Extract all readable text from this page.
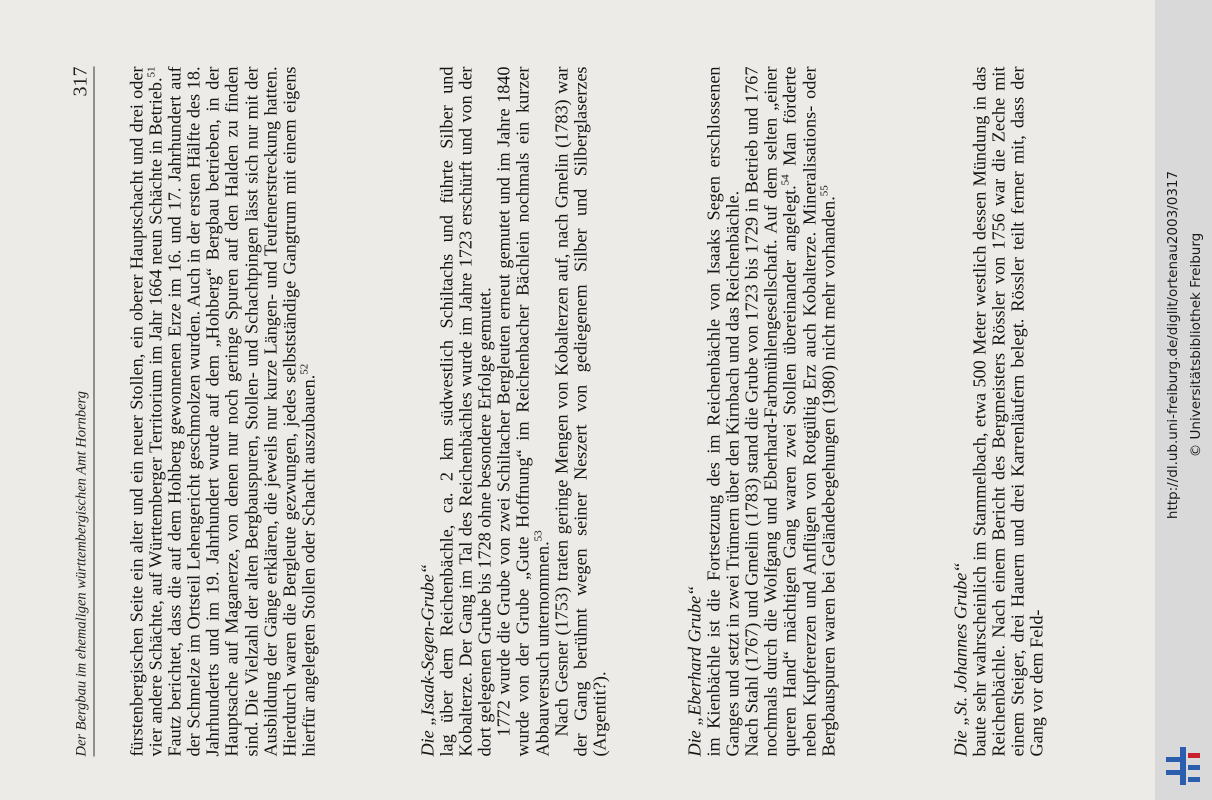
Der Bergbau im ehemaligen württembergischen Amt Hornberg
317 fürstenbergischen Seite ein alter und ein neuer Stollen, ein oberer Hauptschacht und drei oder vier andere Schächte, auf Württemberger Territorium im Jahr 1664 neun Schächte in Betrieb.$^{51}$ Fautz berichtet, dass die auf dem Hohberg gewonnenen Erze im 16. und 17. Jahrhundert auf der Schmelze im Ortsteil Lehengericht geschmolzen wurden. Auch in der ersten Hälfte des 18. Jahrhunderts und im 19. Jahrhundert wurde auf dem „Hohberg“ Bergbau betrieben, in der Hauptsache auf Maganerze, von denen nur noch geringe Spuren auf den Halden zu finden sind. Die Vielzahl der alten Bergbauspuren, Stollen- und Schachtpingen lässt sich nur mit der Ausbildung der Gänge erklären, die jeweils nur kurze Längen- und Teufenerstreckung hatten. Hierdurch waren die Bergleute gezwungen, jedes selbstständige Gangtrum mit einem eigens hierfür angelegten Stollen oder Schacht auszubauen.$^{52}$

Die „Isaak-Segen-Grube“ lag über dem Reichenbächle, ca. 2 km südwestlich Schiltachs und führte Silber und Kobalterze. Der Gang im Tal des Reichenbächles wurde im Jahre 1723 erschürft und von der dort gelegenen Grube bis 1728 ohne besondere Erfolge gemutet. 1772 wurde die Grube von zwei Schiltacher Bergleuten erneut gemutet und im Jahre 1840 wurde von der Grube „Gute Hoffnung“ im Reichenbacher Bächlein nochmals ein kurzer Abbauversuch unternommen.$^{53}$ Nach Gesner (1753) traten geringe Mengen von Kobalterzen auf, nach Gmelin (1783) war der Gang berühmt wegen seiner Neszert von gediegenem Silber und Silberglaserzes (Argentit?).	Die „Eberhard Grube“ im Kienbächle ist die Fortsetzung des im Reichenbächle von Isaaks Segen erschlossenen Ganges und setzt in zwei Trümern über den Kirnbach und das Reichenbächle. Nach Stahl (1767) und Gmelin (1783) stand die Grube von 1723 bis 1729 in Betrieb und 1767 nochmals durch die Wolfgang und Eberhard-Farbmühlengesellschaft. Auf dem selten „einer queren Hand“ mächtigen Gang waren zwei Stollen übereinander angelegt.$^{54}$ Man förderte neben Kupfererzen und Anflügen von Rotgültig Erz auch Kobalterze. Mineralisations- oder Bergbauspuren waren bei Geländebegehungen (1980) nicht mehr vorhanden.$^{55}$

Die „St. Johannes Grube“ baute sehr wahrscheinlich im Stammelbach, etwa 500 Meter westlich dessen Mündung in das Reichenbächle. Nach einem Bericht des Bergmeisters Rössler von 1756 war die Zeche mit einem Steiger, drei Hauern und drei Karrenläufern belegt. Rössler teilt ferner mit, dass der Gang vor dem Feld-

http://dl.ub.uni-freiburg.de/diglit/ortenau2003/0317 © Universitätsbibliothek Freiburg
